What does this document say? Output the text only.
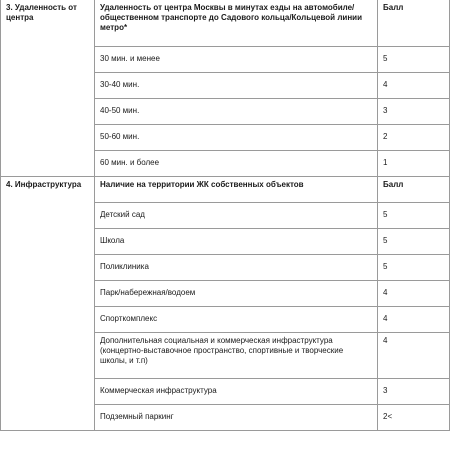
3. Удаленность от центра	Удаленность от центра Москвы в минутах езды на автомобиле/общественном транспорте до Садового кольца/Кольцевой линии метро*	Балл
	30 мин. и менее	5
	30-40 мин.	4
	40-50 мин.	3
	50-60 мин.	2
	60 мин. и более	1
4. Инфраструктура	Наличие на территории ЖК собственных объектов	Балл
	Детский сад	5
	Школа	5
	Поликлиника	5
	Парк/набережная/водоем	4
	Спорткомплекс	4
	Дополнительная социальная и коммерческая инфраструктура (концертно-выставочное пространство, спортивные и творческие школы, и т.п)	4
	Коммерческая инфраструктура	3
	Подземный паркинг	2<
